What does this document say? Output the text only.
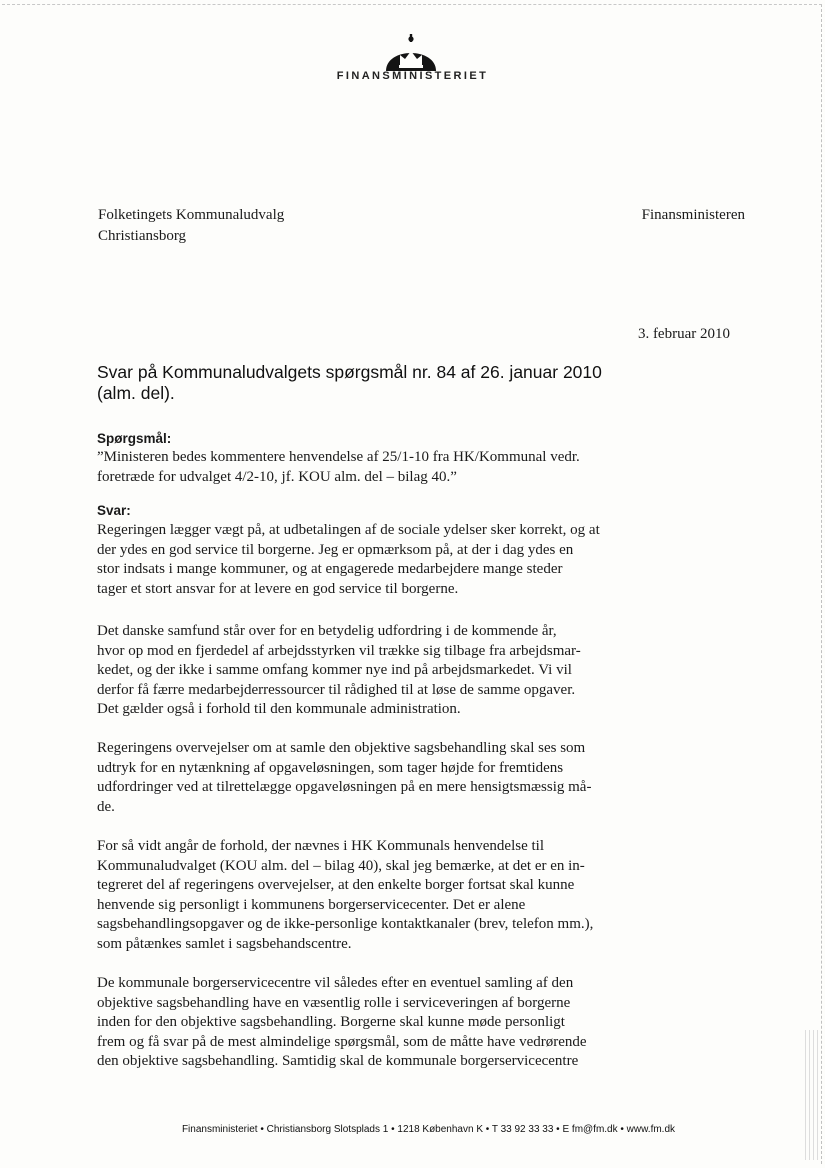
FINANSMINISTERIET
Folketingets Kommunaludvalg
Christiansborg
Finansministeren
3. februar 2010
Svar på Kommunaludvalgets spørgsmål nr. 84 af 26. januar 2010
(alm. del).
Spørgsmål:
”Ministeren bedes kommentere henvendelse af 25/1-10 fra HK/Kommunal vedr.
foretræde for udvalget 4/2-10, jf. KOU alm. del – bilag 40.”
Svar:
Regeringen lægger vægt på, at udbetalingen af de sociale ydelser sker korrekt, og at
der ydes en god service til borgerne. Jeg er opmærksom på, at der i dag ydes en
stor indsats i mange kommuner, og at engagerede medarbejdere mange steder
tager et stort ansvar for at levere en god service til borgerne.
Det danske samfund står over for en betydelig udfordring i de kommende år,
hvor op mod en fjerdedel af arbejdsstyrken vil trække sig tilbage fra arbejdsmar-
kedet, og der ikke i samme omfang kommer nye ind på arbejdsmarkedet. Vi vil
derfor få færre medarbejderressourcer til rådighed til at løse de samme opgaver.
Det gælder også i forhold til den kommunale administration.
Regeringens overvejelser om at samle den objektive sagsbehandling skal ses som
udtryk for en nytænkning af opgaveløsningen, som tager højde for fremtidens
udfordringer ved at tilrettelægge opgaveløsningen på en mere hensigtsmæssig må-
de.
For så vidt angår de forhold, der nævnes i HK Kommunals henvendelse til
Kommunaludvalget (KOU alm. del – bilag 40), skal jeg bemærke, at det er en in-
tegreret del af regeringens overvejelser, at den enkelte borger fortsat skal kunne
henvende sig personligt i kommunens borgerservicecenter. Det er alene
sagsbehandlingsopgaver og de ikke-personlige kontaktkanaler (brev, telefon mm.),
som påtænkes samlet i sagsbehandscentre.
De kommunale borgerservicecentre vil således efter en eventuel samling af den
objektive sagsbehandling have en væsentlig rolle i serviceveringen af borgerne
inden for den objektive sagsbehandling. Borgerne skal kunne møde personligt
frem og få svar på de mest almindelige spørgsmål, som de måtte have vedrørende
den objektive sagsbehandling. Samtidig skal de kommunale borgerservicecentre
Finansministeriet • Christiansborg Slotsplads 1 • 1218 København K • T 33 92 33 33 • E fm@fm.dk • www.fm.dk
